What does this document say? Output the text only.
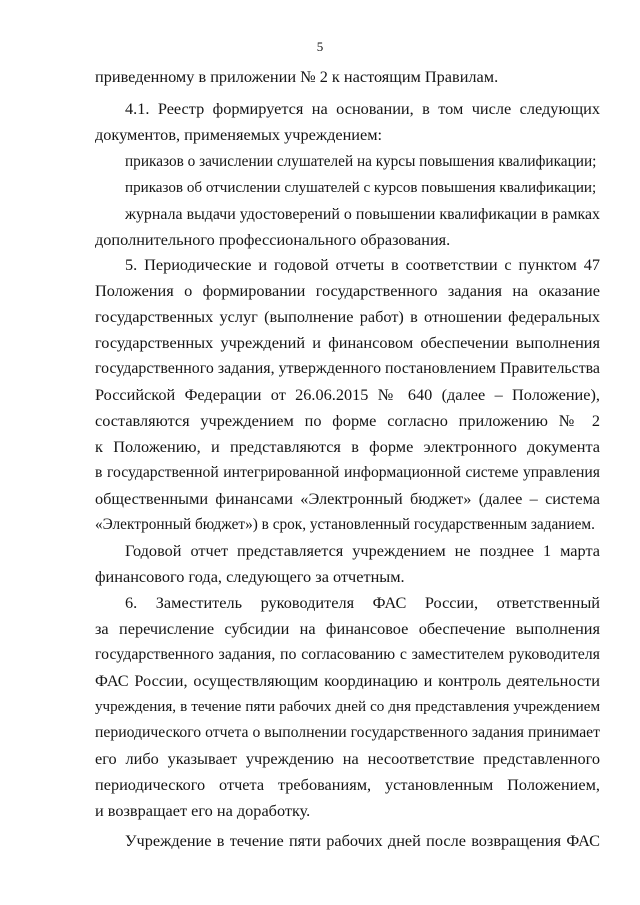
5
приведенному в приложении № 2 к настоящим Правилам.
4.1. Реестр формируется на основании, в том числе следующих
документов, применяемых учреждением:
приказов о зачислении слушателей на курсы повышения квалификации;
приказов об отчислении слушателей с курсов повышения квалификации;
журнала выдачи удостоверений о повышении квалификации в рамках
дополнительного профессионального образования.
5. Периодические и годовой отчеты в соответствии с пунктом 47
Положения о формировании государственного задания на оказание
государственных услуг (выполнение работ) в отношении федеральных
государственных учреждений и финансовом обеспечении выполнения
государственного задания, утвержденного постановлением Правительства
Российской Федерации от 26.06.2015 № 640 (далее – Положение),
составляются учреждением по форме согласно приложению № 2
к Положению, и представляются в форме электронного документа
в государственной интегрированной информационной системе управления
общественными финансами «Электронный бюджет» (далее – система
«Электронный бюджет») в срок, установленный государственным заданием.
Годовой отчет представляется учреждением не позднее 1 марта
финансового года, следующего за отчетным.
6. Заместитель руководителя ФАС России, ответственный
за перечисление субсидии на финансовое обеспечение выполнения
государственного задания, по согласованию с заместителем руководителя
ФАС России, осуществляющим координацию и контроль деятельности
учреждения, в течение пяти рабочих дней со дня представления учреждением
периодического отчета о выполнении государственного задания принимает
его либо указывает учреждению на несоответствие представленного
периодического отчета требованиям, установленным Положением,
и возвращает его на доработку.
Учреждение в течение пяти рабочих дней после возвращения ФАС
